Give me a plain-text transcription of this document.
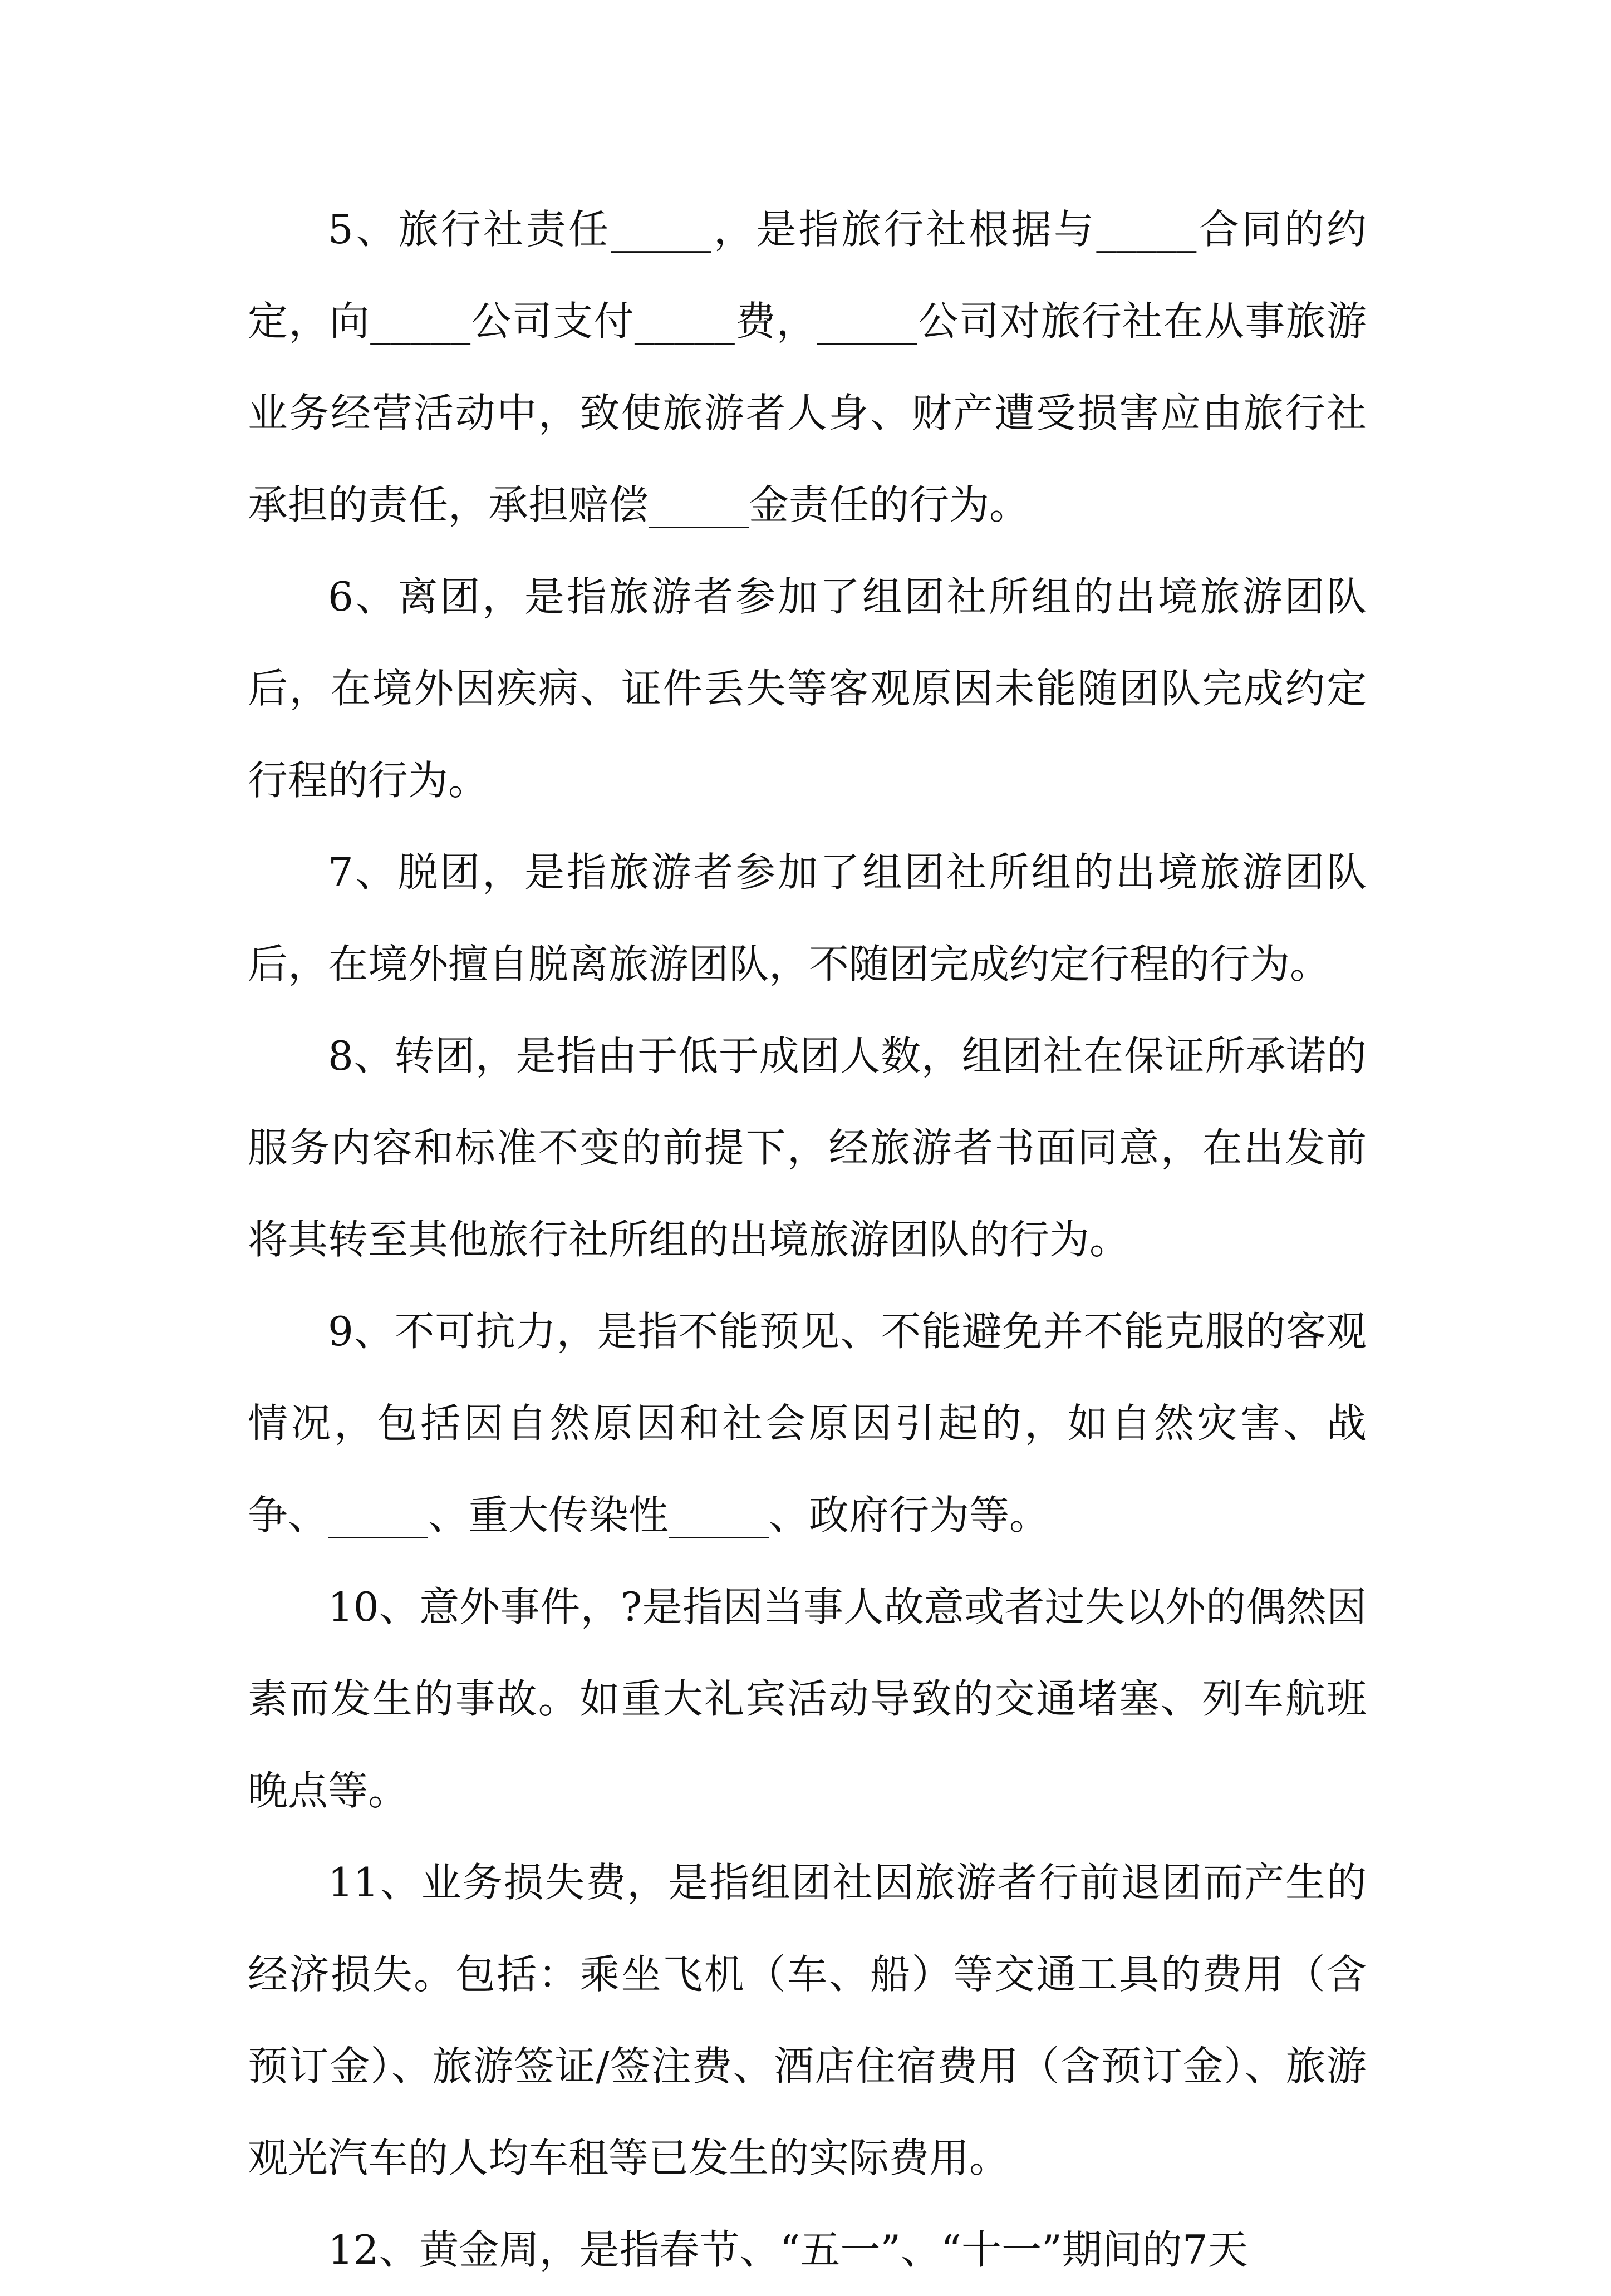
5、旅行社责任_____，是指旅行社根据与_____合同的约定，向_____公司支付_____费，_____公司对旅行社在从事旅游业务经营活动中，致使旅游者人身、财产遭受损害应由旅行社承担的责任，承担赔偿_____金责任的行为。

6、离团，是指旅游者参加了组团社所组的出境旅游团队后，在境外因疾病、证件丢失等客观原因未能随团队完成约定行程的行为。

7、脱团，是指旅游者参加了组团社所组的出境旅游团队后，在境外擅自脱离旅游团队，不随团完成约定行程的行为。

8、转团，是指由于低于成团人数，组团社在保证所承诺的服务内容和标准不变的前提下，经旅游者书面同意，在出发前将其转至其他旅行社所组的出境旅游团队的行为。

9、不可抗力，是指不能预见、不能避免并不能克服的客观情况，包括因自然原因和社会原因引起的，如自然灾害、战争、_____、重大传染性_____、政府行为等。

10、意外事件，?是指因当事人故意或者过失以外的偶然因素而发生的事故。如重大礼宾活动导致的交通堵塞、列车航班晚点等。

11、业务损失费，是指组团社因旅游者行前退团而产生的经济损失。包括：乘坐飞机（车、船）等交通工具的费用（含预订金）、旅游签证/签注费、酒店住宿费用（含预订金）、旅游观光汽车的人均车租等已发生的实际费用。

12、黄金周，是指春节、“五一”、“十一”期间的7天
